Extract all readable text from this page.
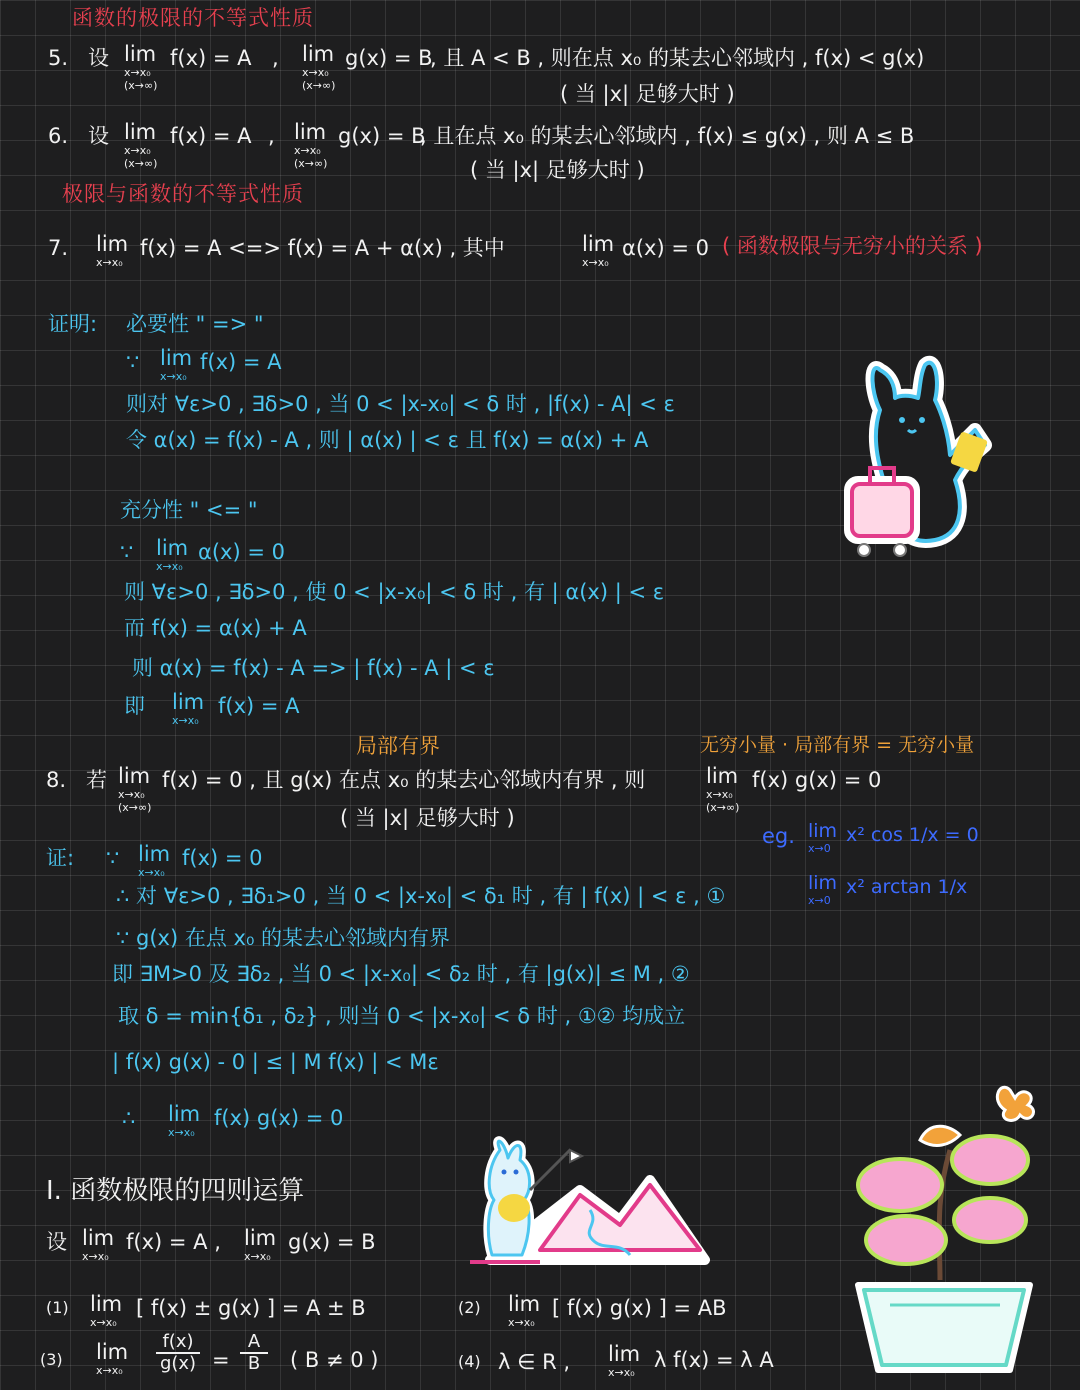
函数的极限的不等式性质
5. 设 lim
x→x₀
(x→∞)
f(x) = A , lim
x→x₀
(x→∞)
g(x) = B
, 且 A < B , 则在点 x₀ 的某去心邻域内 , f(x) < g(x)
( 当 |x| 足够大时 )
6. 设 lim
x→x₀
(x→∞)
f(x) = A , lim
x→x₀
(x→∞)
g(x) = B
, 且在点 x₀ 的某去心邻域内 , f(x) ≤ g(x) , 则 A ≤ B
( 当 |x| 足够大时 )
极限与函数的不等式性质
7. lim
x→x₀
f(x) = A <=> f(x) = A + α(x) , 其中	lim
x→x₀
α(x) = 0 ( 函数极限与无穷小的关系 )
证明: 必要性 " => "
∵ lim
x→x₀
f(x) = A
则对 ∀ε>0 , ∃δ>0 , 当 0 < |x-x₀| < δ 时 , |f(x) - A| < ε
令 α(x) = f(x) - A , 则 | α(x) | < ε 且 f(x) = α(x) + A
充分性 " <= "
∵ lim
x→x₀
α(x) = 0
则 ∀ε>0 , ∃δ>0 , 使 0 < |x-x₀| < δ 时 , 有 | α(x) | < ε
而 f(x) = α(x) + A
则 α(x) = f(x) - A => | f(x) - A | < ε
即 lim
x→x₀
f(x) = A
局部有界	无穷小量 · 局部有界 = 无穷小量
8. 若 lim
x→x₀
(x→∞)
f(x) = 0 , 且 g(x) 在点 x₀ 的某去心邻域内有界 , 则	lim
x→x₀
(x→∞)
f(x) g(x) = 0
( 当 |x| 足够大时 )
eg. lim
x→0
x² cos 1/x = 0
lim
x→0
x² arctan 1/x
证: ∵ lim
x→x₀
f(x) = 0
∴ 对 ∀ε>0 , ∃δ₁>0 , 当 0 < |x-x₀| < δ₁ 时 , 有 | f(x) | < ε , ①
∵ g(x) 在点 x₀ 的某去心邻域内有界
即 ∃M>0 及 ∃δ₂ , 当 0 < |x-x₀| < δ₂ 时 , 有 |g(x)| ≤ M , ②
取 δ = min{δ₁ , δ₂} , 则当 0 < |x-x₀| < δ 时 , ①② 均成立
| f(x) g(x) - 0 | ≤ | M f(x) | < Mε
∴ lim
x→x₀
f(x) g(x) = 0
Ⅰ. 函数极限的四则运算
设 lim
x→x₀
f(x) = A , lim
x→x₀
g(x) = B
(1) lim
x→x₀
[ f(x) ± g(x) ] = A ± B	(2) lim
x→x₀
[ f(x) g(x) ] = AB
(3) lim
x→x₀	$\frac{f(x)}{g(x)} = \frac{A}{B}$ ( B ≠ 0 )	(4) λ ∈ R , lim
x→x₀
λ f(x) = λ A
